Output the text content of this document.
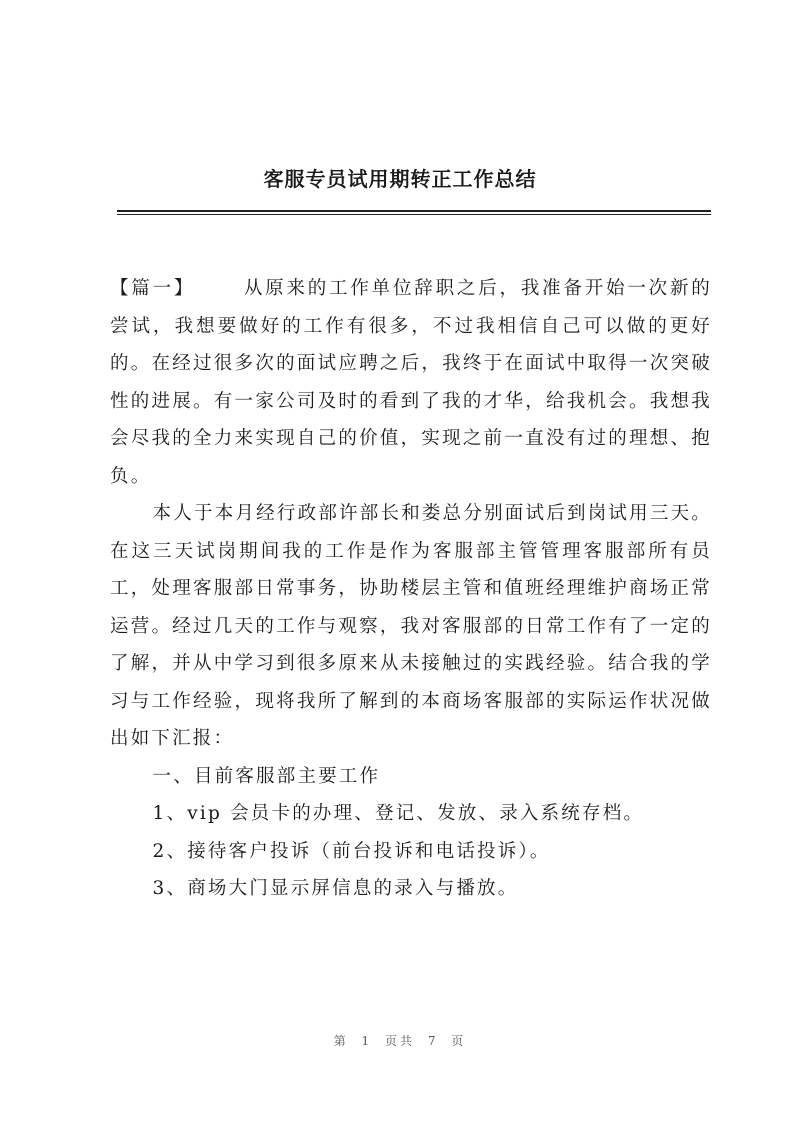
客服专员试用期转正工作总结

【篇一】	从原来的工作单位辞职之后，我准备开始一次新的尝试，我想要做好的工作有很多，不过我相信自己可以做的更好的。在经过很多次的面试应聘之后，我终于在面试中取得一次突破性的进展。有一家公司及时的看到了我的才华，给我机会。我想我会尽我的全力来实现自己的价值，实现之前一直没有过的理想、抱负。

本人于本月经行政部许部长和娄总分别面试后到岗试用三天。在这三天试岗期间我的工作是作为客服部主管管理客服部所有员工，处理客服部日常事务，协助楼层主管和值班经理维护商场正常运营。经过几天的工作与观察，我对客服部的日常工作有了一定的了解，并从中学习到很多原来从未接触过的实践经验。结合我的学习与工作经验，现将我所了解到的本商场客服部的实际运作状况做出如下汇报：

一、目前客服部主要工作

1、vip 会员卡的办理、登记、发放、录入系统存档。

2、接待客户投诉（前台投诉和电话投诉）。

3、商场大门显示屏信息的录入与播放。

第 1 页共 7 页
